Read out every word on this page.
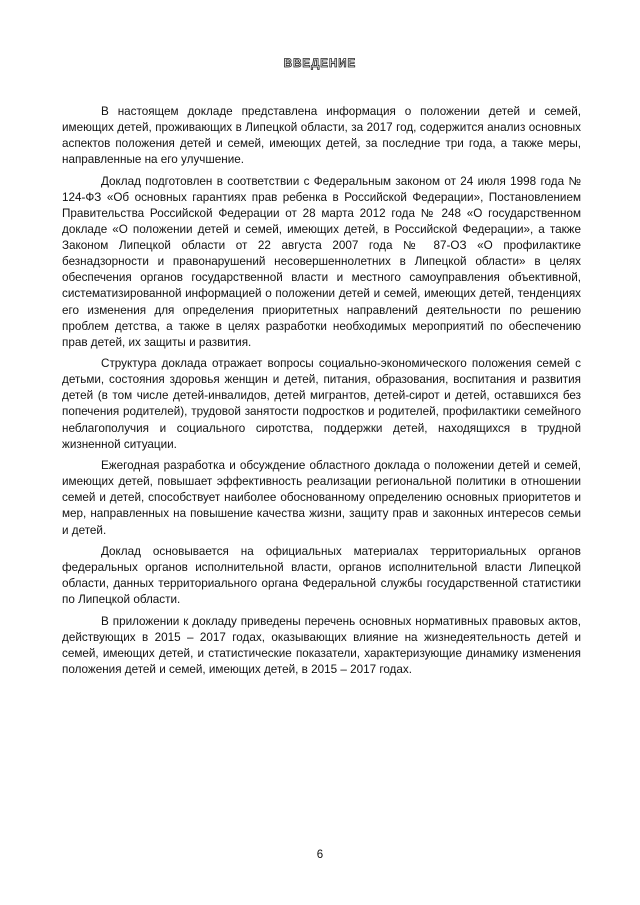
ВВЕДЕНИЕ

В настоящем докладе представлена информация о положении детей и семей, имеющих детей, проживающих в Липецкой области, за 2017 год, содержится анализ основных аспектов положения детей и семей, имеющих детей, за последние три года, а также меры, направленные на его улучшение.

Доклад подготовлен в соответствии с Федеральным законом от 24 июля 1998 года № 124-ФЗ «Об основных гарантиях прав ребенка в Российской Федерации», Постановлением Правительства Российской Федерации от 28 марта 2012 года № 248 «О государственном докладе «О положении детей и семей, имеющих детей, в Российской Федерации», а также Законом Липецкой области от 22 августа 2007 года № 87-ОЗ «О профилактике безнадзорности и правонарушений несовершеннолетних в Липецкой области» в целях обеспечения органов государственной власти и местного самоуправления объективной, систематизированной информацией о положении детей и семей, имеющих детей, тенденциях его изменения для определения приоритетных направлений деятельности по решению проблем детства, а также в целях разработки необходимых мероприятий по обеспечению прав детей, их защиты и развития.

Структура доклада отражает вопросы социально-экономического положения семей с детьми, состояния здоровья женщин и детей, питания, образования, воспитания и развития детей (в том числе детей-инвалидов, детей мигрантов, детей-сирот и детей, оставшихся без попечения родителей), трудовой занятости подростков и родителей, профилактики семейного неблагополучия и социального сиротства, поддержки детей, находящихся в трудной жизненной ситуации.

Ежегодная разработка и обсуждение областного доклада о положении детей и семей, имеющих детей, повышает эффективность реализации региональной политики в отношении семей и детей, способствует наиболее обоснованному определению основных приоритетов и мер, направленных на повышение качества жизни, защиту прав и законных интересов семьи и детей.

Доклад основывается на официальных материалах территориальных органов федеральных органов исполнительной власти, органов исполнительной власти Липецкой области, данных территориального органа Федеральной службы государственной статистики по Липецкой области.

В приложении к докладу приведены перечень основных нормативных правовых актов, действующих в 2015 – 2017 годах, оказывающих влияние на жизнедеятельность детей и семей, имеющих детей, и статистические показатели, характеризующие динамику изменения положения детей и семей, имеющих детей, в 2015 – 2017 годах.

6
